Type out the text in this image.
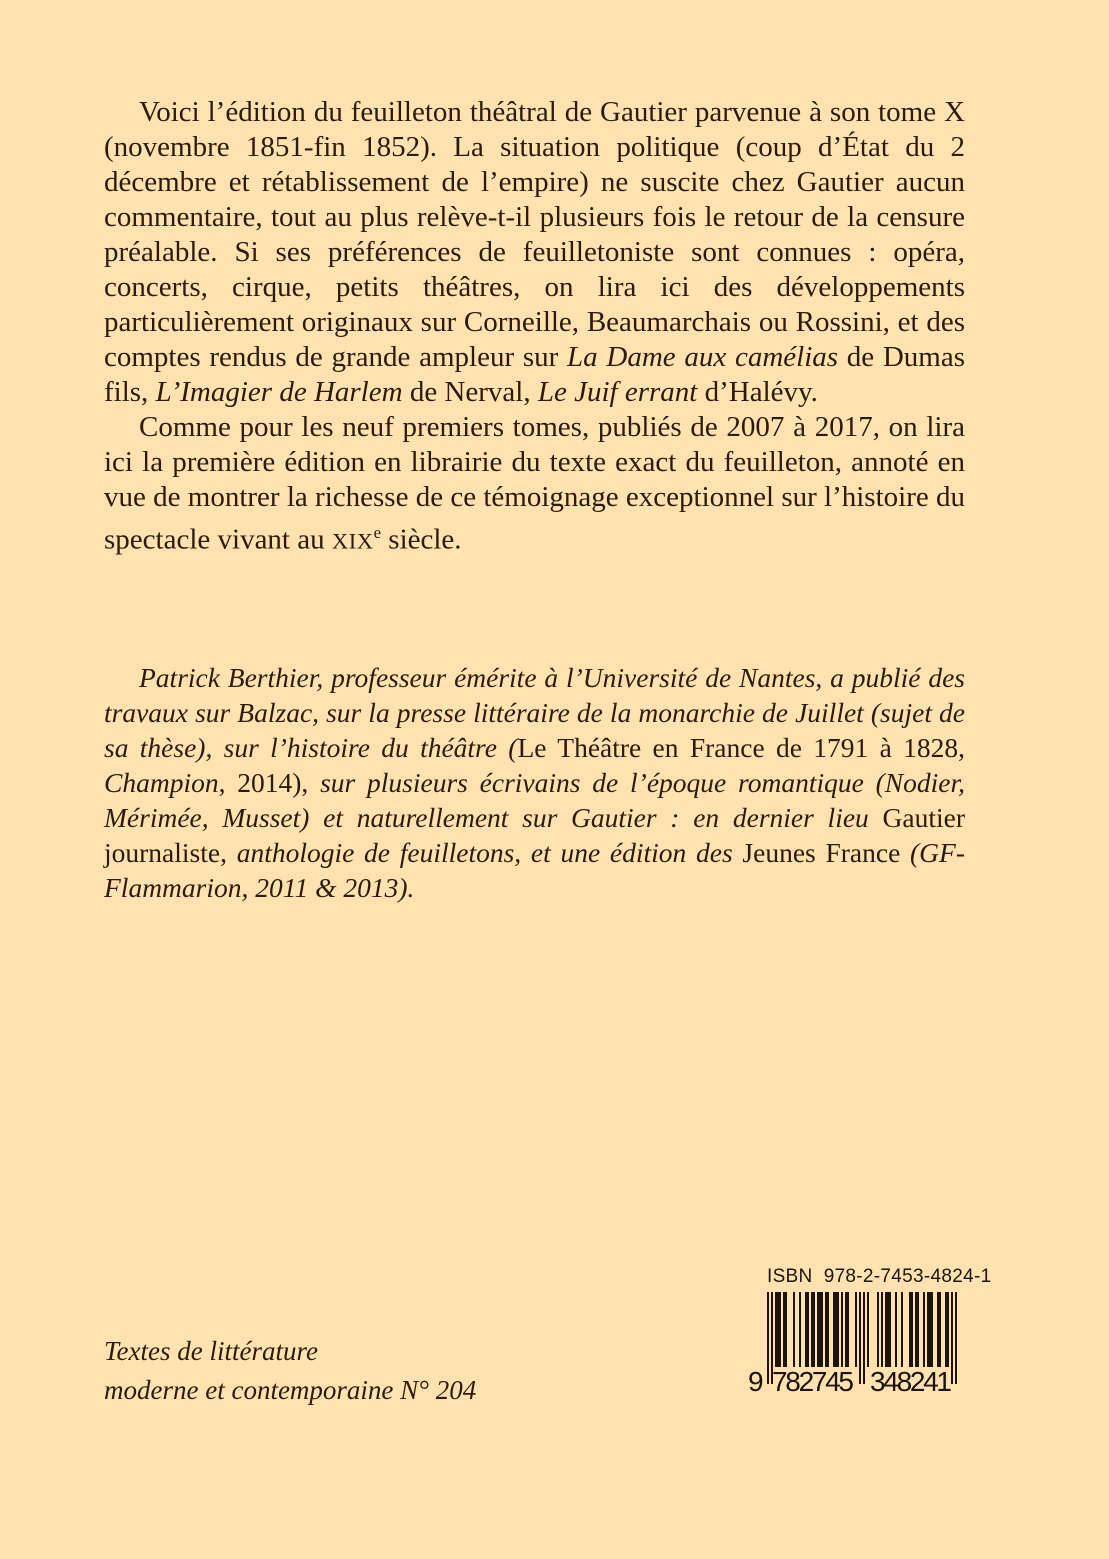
Voici l’édition du feuilleton théâtral de Gautier parvenue à son tome X (novembre 1851-fin 1852). La situation politique (coup d’État du 2 décembre et rétablissement de l’empire) ne suscite chez Gautier aucun commentaire, tout au plus relève-t-il plusieurs fois le retour de la censure préalable. Si ses préférences de feuilletoniste sont connues : opéra, concerts, cirque, petits théâtres, on lira ici des développements particulièrement originaux sur Corneille, Beaumarchais ou Rossini, et des comptes rendus de grande ampleur sur La Dame aux camélias de Dumas fils, L’Imagier de Harlem de Nerval, Le Juif errant d’Halévy.

Comme pour les neuf premiers tomes, publiés de 2007 à 2017, on lira ici la première édition en librairie du texte exact du feuilleton, annoté en vue de montrer la richesse de ce témoignage exceptionnel sur l’histoire du spectacle vivant au XIXe siècle.

Patrick Berthier, professeur émérite à l’Université de Nantes, a publié des travaux sur Balzac, sur la presse littéraire de la monarchie de Juillet (sujet de sa thèse), sur l’histoire du théâtre (Le Théâtre en France de 1791 à 1828, Champion, 2014), sur plusieurs écrivains de l’époque romantique (Nodier, Mérimée, Musset) et naturellement sur Gautier : en dernier lieu Gautier journaliste, anthologie de feuilletons, et une édition des Jeunes France (GF-Flammarion, 2011 & 2013).

Textes de littérature
moderne et contemporaine N° 204
ISBN  978-2-7453-4824-1
9 782745 348241
